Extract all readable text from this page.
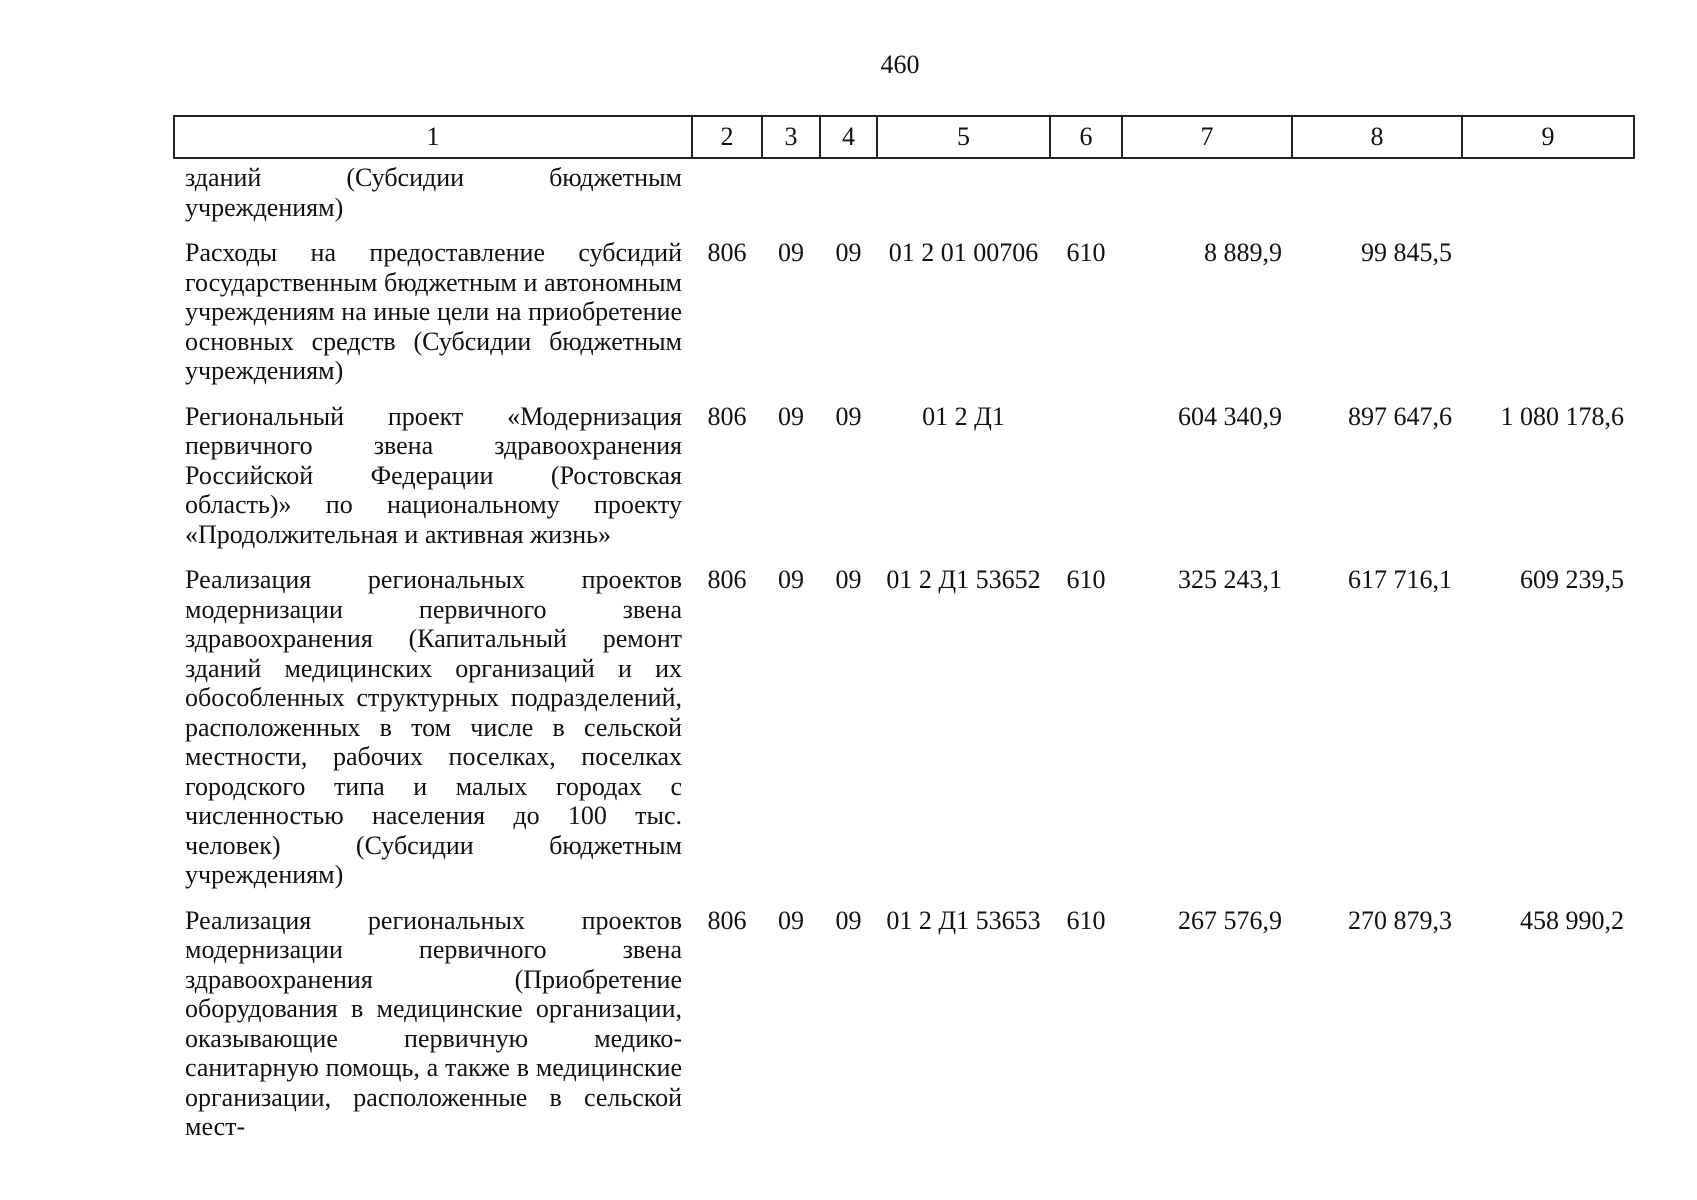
460
1	2	3	4	5	6	7	8	9
зданий (Субсидии бюджетным учреждениям)								
Расходы на предоставление субсидий государственным бюджетным и автономным учреждениям на иные цели на приобретение основных средств (Субсидии бюджетным учреждениям)	806	09	09	01 2 01 00706	610	8 889,9	99 845,5	
Региональный проект «Модернизация первичного звена здравоохранения Российской Федерации (Ростовская область)» по национальному проекту «Продолжительная и активная жизнь»	806	09	09	01 2 Д1		604 340,9	897 647,6	1 080 178,6
Реализация региональных проектов модернизации первичного звена здравоохранения (Капитальный ремонт зданий медицинских организаций и их обособленных структурных подразделений, расположенных в том числе в сельской местности, рабочих поселках, поселках городского типа и малых городах с численностью населения до 100 тыс. человек) (Субсидии бюджетным учреждениям)	806	09	09	01 2 Д1 53652	610	325 243,1	617 716,1	609 239,5
Реализация региональных проектов модернизации первичного звена здравоохранения (Приобретение оборудования в медицинские организации, оказывающие первичную медико-санитарную помощь, а также в медицинские организации, расположенные в сельской мест-	806	09	09	01 2 Д1 53653	610	267 576,9	270 879,3	458 990,2
